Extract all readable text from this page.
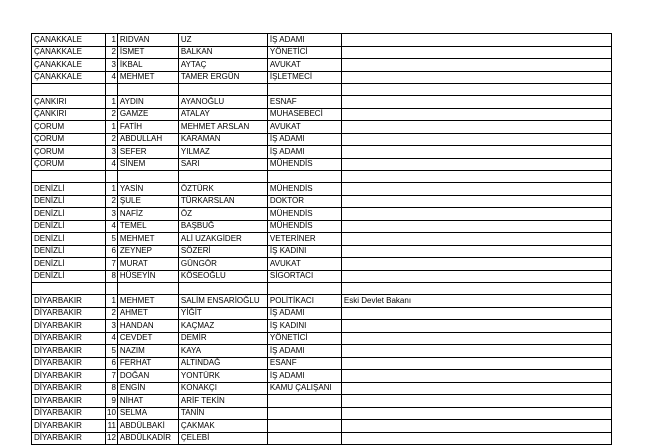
ÇANAKKALE	1	RIDVAN	UZ	İŞ ADAMI	
ÇANAKKALE	2	İSMET	BALKAN	YÖNETİCİ	
ÇANAKKALE	3	İKBAL	AYTAÇ	AVUKAT	
ÇANAKKALE	4	MEHMET	TAMER ERGÜN	İŞLETMECİ	

ÇANKIRI	1	AYDIN	AYANOĞLU	ESNAF	
ÇANKIRI	2	GAMZE	ATALAY	MUHASEBECİ	
ÇORUM	1	FATİH	MEHMET ARSLAN	AVUKAT	
ÇORUM	2	ABDULLAH	KARAMAN	İŞ ADAMI	
ÇORUM	3	SEFER	YILMAZ	İŞ ADAMI	
ÇORUM	4	SİNEM	SARI	MÜHENDİS	

DENİZLİ	1	YASİN	ÖZTÜRK	MÜHENDİS	
DENİZLİ	2	ŞULE	TÜRKARSLAN	DOKTOR	
DENİZLİ	3	NAFİZ	ÖZ	MÜHENDİS	
DENİZLİ	4	TEMEL	BAŞBUĞ	MÜHENDİS	
DENİZLİ	5	MEHMET	ALİ UZAKGİDER	VETERİNER	
DENİZLİ	6	ZEYNEP	SÖZERİ	İŞ KADINI	
DENİZLİ	7	MURAT	GÜNGÖR	AVUKAT	
DENİZLİ	8	HÜSEYİN	KÖSEOĞLU	SİGORTACI	

DİYARBAKIR	1	MEHMET	SALİM ENSARİOĞLU	POLİTİKACI	Eski Devlet Bakanı
DİYARBAKIR	2	AHMET	YİĞİT	İŞ ADAMI	
DİYARBAKIR	3	HANDAN	KAÇMAZ	İŞ KADINI	
DİYARBAKIR	4	CEVDET	DEMİR	YÖNETİCİ	
DİYARBAKIR	5	NAZIM	KAYA	İŞ ADAMI	
DİYARBAKIR	6	FERHAT	ALTINDAĞ	ESANF	
DİYARBAKIR	7	DOĞAN	YONTÜRK	İŞ ADAMI	
DİYARBAKIR	8	ENGİN	KONAKÇI	KAMU ÇALIŞANI	
DİYARBAKIR	9	NİHAT	ARİF TEKİN		
DİYARBAKIR	10	SELMA	TANİN		
DİYARBAKIR	11	ABDÜLBAKİ	ÇAKMAK		
DİYARBAKIR	12	ABDÜLKADİR	ÇELEBİ		
